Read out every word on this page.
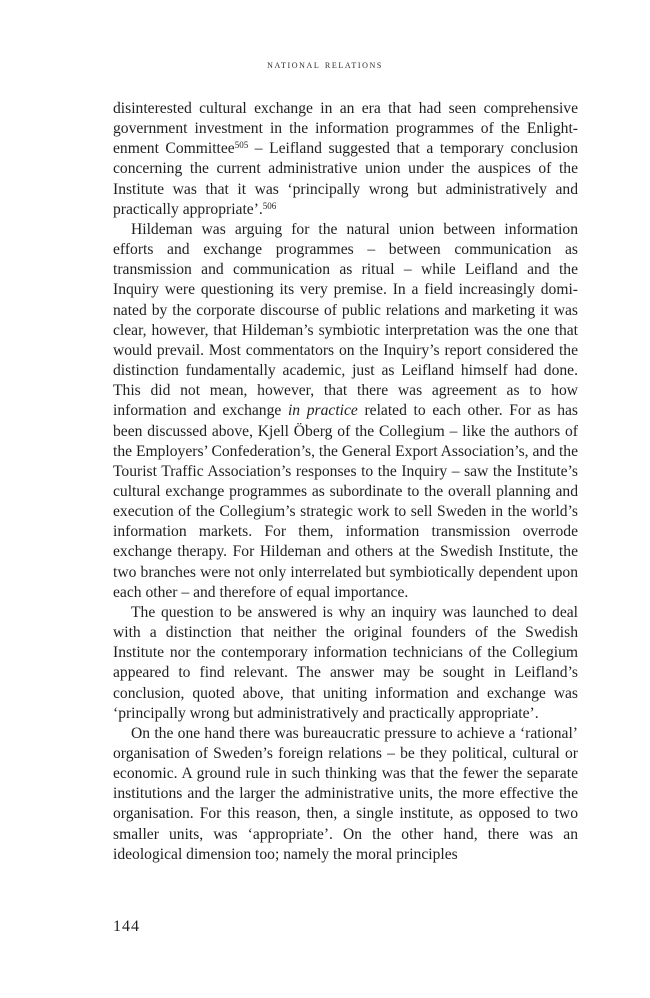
national relations

disinterested cultural exchange in an era that had seen comprehensive government investment in the information programmes of the Enlightenment Committee$^{505}$ – Leifland suggested that a temporary conclusion concerning the current administrative union under the auspices of the Institute was that it was ‘principally wrong but administratively and practically appropriate’.$^{506}$

Hildeman was arguing for the natural union between information efforts and exchange programmes – between communication as transmission and communication as ritual – while Leifland and the Inquiry were questioning its very premise. In a field increasingly dominated by the corporate discourse of public relations and marketing it was clear, however, that Hildeman’s symbiotic interpretation was the one that would prevail. Most commentators on the Inquiry’s report considered the distinction fundamentally academic, just as Leifland himself had done. This did not mean, however, that there was agreement as to how information and exchange in practice related to each other. For as has been discussed above, Kjell Öberg of the Collegium – like the authors of the Employers’ Confederation’s, the General Export Association’s, and the Tourist Traffic Association’s responses to the Inquiry – saw the Institute’s cultural exchange programmes as subordinate to the overall planning and execution of the Collegium’s strategic work to sell Sweden in the world’s information markets. For them, information transmission overrode exchange therapy. For Hildeman and others at the Swedish Institute, the two branches were not only interrelated but symbiotically dependent upon each other – and therefore of equal importance.

The question to be answered is why an inquiry was launched to deal with a distinction that neither the original founders of the Swedish Institute nor the contemporary information technicians of the Collegium appeared to find relevant. The answer may be sought in Leifland’s conclusion, quoted above, that uniting information and exchange was ‘principally wrong but administratively and practically appropriate’.

On the one hand there was bureaucratic pressure to achieve a ‘rational’ organisation of Sweden’s foreign relations – be they political, cultural or economic. A ground rule in such thinking was that the fewer the separate institutions and the larger the administrative units, the more effective the organisation. For this reason, then, a single institute, as opposed to two smaller units, was ‘appropriate’. On the other hand, there was an ideological dimension too; namely the moral principles

144
